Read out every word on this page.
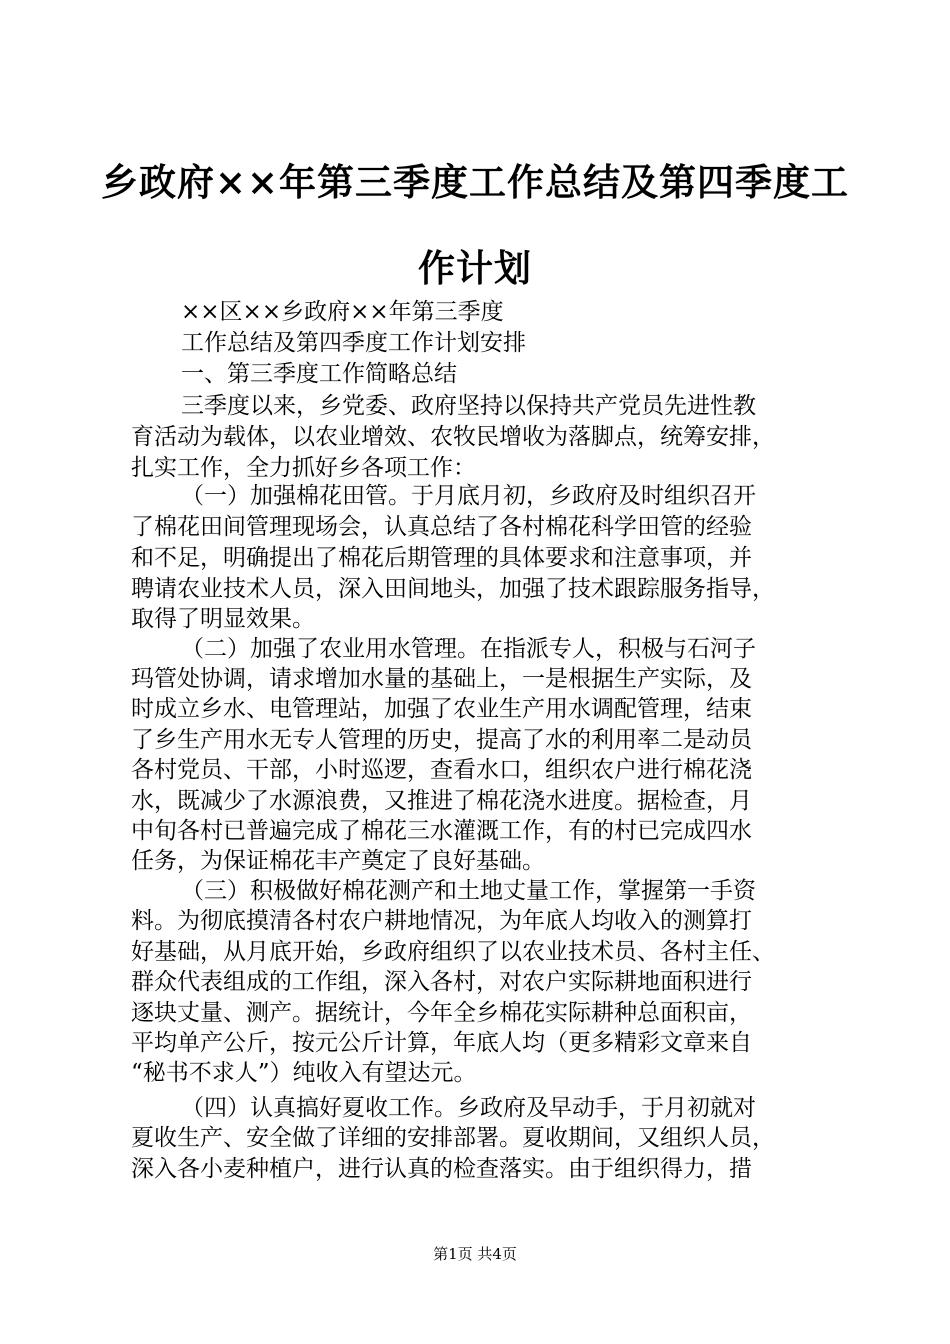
乡政府××年第三季度工作总结及第四季度工
作计划
××区××乡政府××年第三季度
工作总结及第四季度工作计划安排
一、第三季度工作简略总结
三季度以来，乡党委、政府坚持以保持共产党员先进性教
育活动为载体，以农业增效、农牧民增收为落脚点，统筹安排，
扎实工作，全力抓好乡各项工作：
（一）加强棉花田管。于月底月初，乡政府及时组织召开
了棉花田间管理现场会，认真总结了各村棉花科学田管的经验
和不足，明确提出了棉花后期管理的具体要求和注意事项，并
聘请农业技术人员，深入田间地头，加强了技术跟踪服务指导，
取得了明显效果。
（二）加强了农业用水管理。在指派专人，积极与石河子
玛管处协调，请求增加水量的基础上，一是根据生产实际，及
时成立乡水、电管理站，加强了农业生产用水调配管理，结束
了乡生产用水无专人管理的历史，提高了水的利用率二是动员
各村党员、干部，小时巡逻，查看水口，组织农户进行棉花浇
水，既减少了水源浪费，又推进了棉花浇水进度。据检查，月
中旬各村已普遍完成了棉花三水灌溉工作，有的村已完成四水
任务，为保证棉花丰产奠定了良好基础。
（三）积极做好棉花测产和土地丈量工作，掌握第一手资
料。为彻底摸清各村农户耕地情况，为年底人均收入的测算打
好基础，从月底开始，乡政府组织了以农业技术员、各村主任、
群众代表组成的工作组，深入各村，对农户实际耕地面积进行
逐块丈量、测产。据统计，今年全乡棉花实际耕种总面积亩，
平均单产公斤，按元公斤计算，年底人均（更多精彩文章来自
“秘书不求人”）纯收入有望达元。
（四）认真搞好夏收工作。乡政府及早动手，于月初就对
夏收生产、安全做了详细的安排部署。夏收期间，又组织人员，
深入各小麦种植户，进行认真的检查落实。由于组织得力，措
第1页 共4页
